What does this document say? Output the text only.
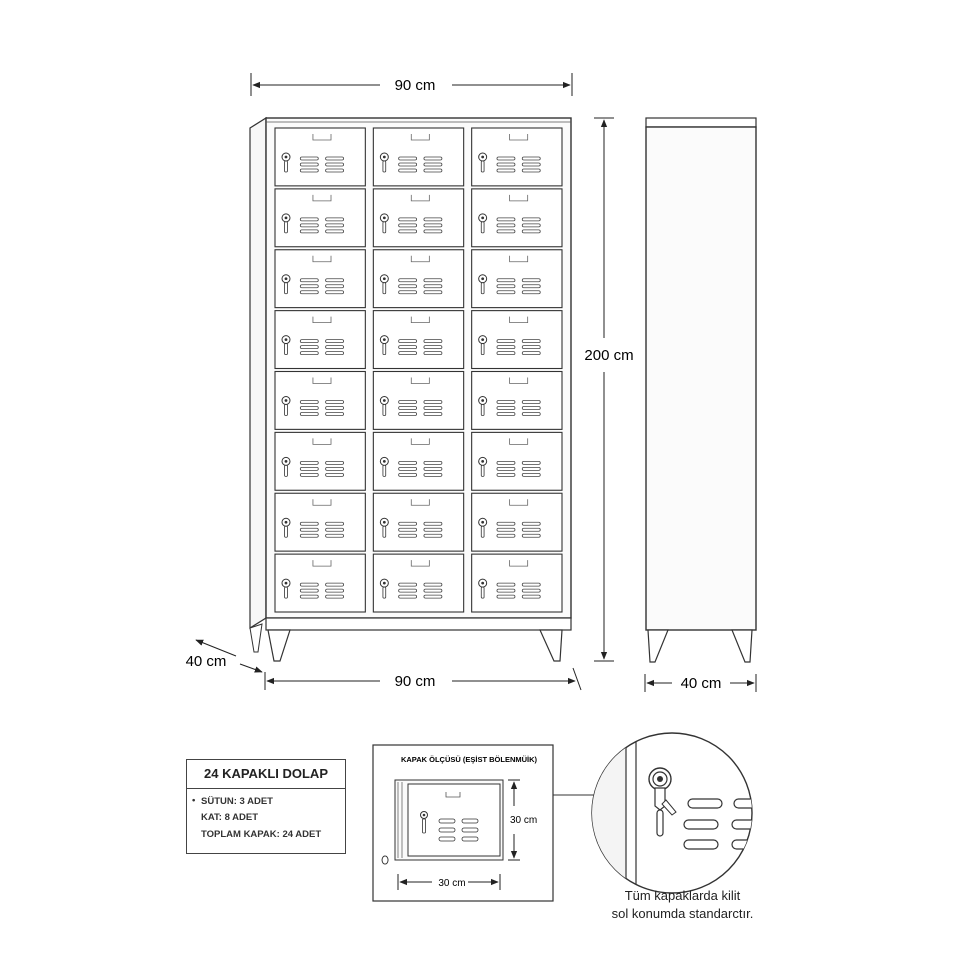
90 cm
200 cm
90 cm
40 cm
40 cm
KAPAK ÖLÇÜSÜ (EŞİST BÖLENMÜİK)
30 cm
30 cm
24 KAPAKLI DOLAP
SÜTUN: 3 ADET
KAT: 8 ADET
TOPLAM KAPAK: 24 ADET
•
Tüm kapaklarda kilit
sol konumda standarctır.
